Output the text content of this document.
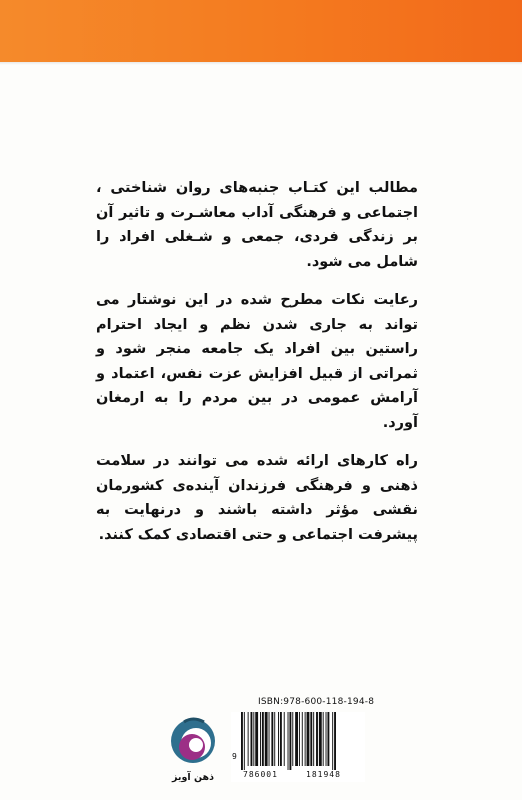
مطالب این کتـاب جنبه‌های روان شناختی ، اجتماعی و فرهنگی آداب معاشـرت و تاثیر آن بر زندگی فردی، جمعی و شـغلی افراد را شامل می شود.

رعایت نکات مطرح شده در این نوشتار می تواند به جاری شدن نظم و ایجاد احترام راستین بین افراد یک جامعه منجر شود و ثمراتی از قبیل افزایش عزت نفس، اعتماد و آرامش عمومی در بین مردم را به ارمغان آورد.

راه کارهای ارائه شده می توانند در سلامت ذهنی و فرهنگی فرزندان آینده‌ی کشورمان نقشی مؤثر داشته باشند و درنهایت به پیشرفت اجتماعی و حتی اقتصادی کمک کنند.

ذهن آویز
ISBN:978-600-118-194-8
9
786001	181948
